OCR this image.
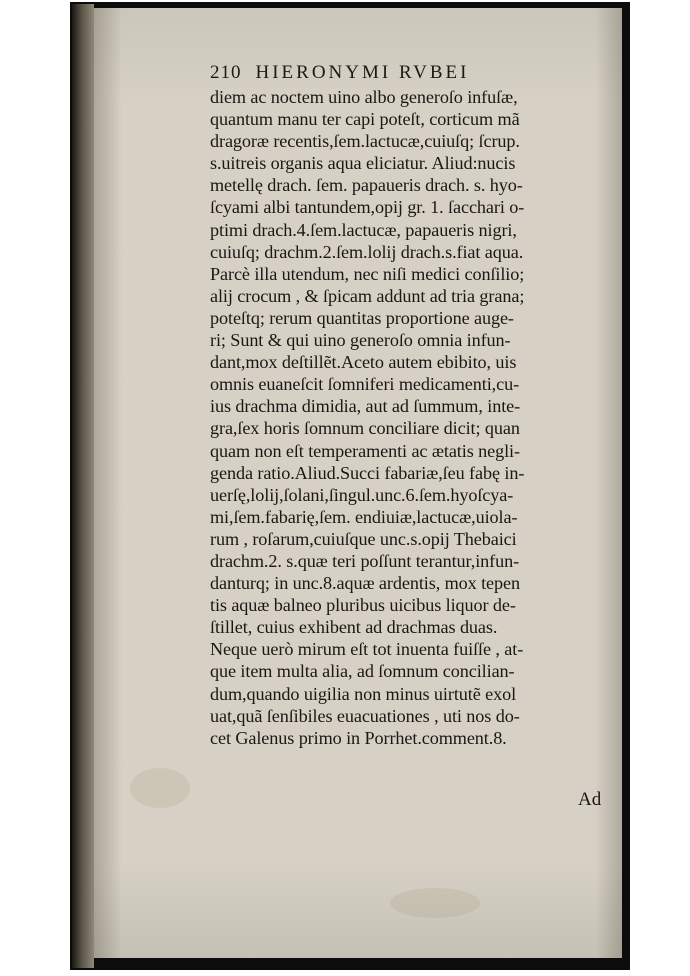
210 HIERONYMI RVBEI
diem ac noctem uino albo generoſo infuſæ,
quantum manu ter capi poteſt, corticum mã
dragoræ recentis,ſem.lactucæ,cuiuſq; ſcrup.
s.uitreis organis aqua eliciatur. Aliud:nucis
metellę drach. ſem. papaueris drach. s. hyo-
ſcyami albi tantundem,opij gr. 1. ſacchari o-
ptimi drach.4.ſem.lactucæ, papaueris nigri,
cuiuſq; drachm.2.ſem.lolij drach.s.fiat aqua.
Parcè illa utendum, nec niſi medici conſilio;
alij crocum , & ſpicam addunt ad tria grana;
poteſtq; rerum quantitas proportione auge-
ri; Sunt & qui uino generoſo omnia infun-
dant,mox deſtillẽt.Aceto autem ebibito, uis
omnis euaneſcit ſomniferi medicamenti,cu-
ius drachma dimidia, aut ad ſummum, inte-
gra,ſex horis ſomnum conciliare dicit; quan
quam non eſt temperamenti ac ætatis negli-
genda ratio.Aliud.Succi fabariæ,ſeu fabę in-
uerſę,lolij,ſolani,ſingul.unc.6.ſem.hyoſcya-
mi,ſem.fabarię,ſem. endiuiæ,lactucæ,uiola-
rum , roſarum,cuiuſque unc.s.opij Thebaici
drachm.2. s.quæ teri poſſunt terantur,infun-
danturq; in unc.8.aquæ ardentis, mox tepen
tis aquæ balneo pluribus uicibus liquor de-
ſtillet, cuius exhibent ad drachmas duas.
Neque uerò mirum eſt tot inuenta fuiſſe , at-
que item multa alia, ad ſomnum concilian-
dum,quando uigilia non minus uirtutẽ exol
uat,quã ſenſibiles euacuationes , uti nos do-
cet Galenus primo in Porrhet.comment.8.
Ad
